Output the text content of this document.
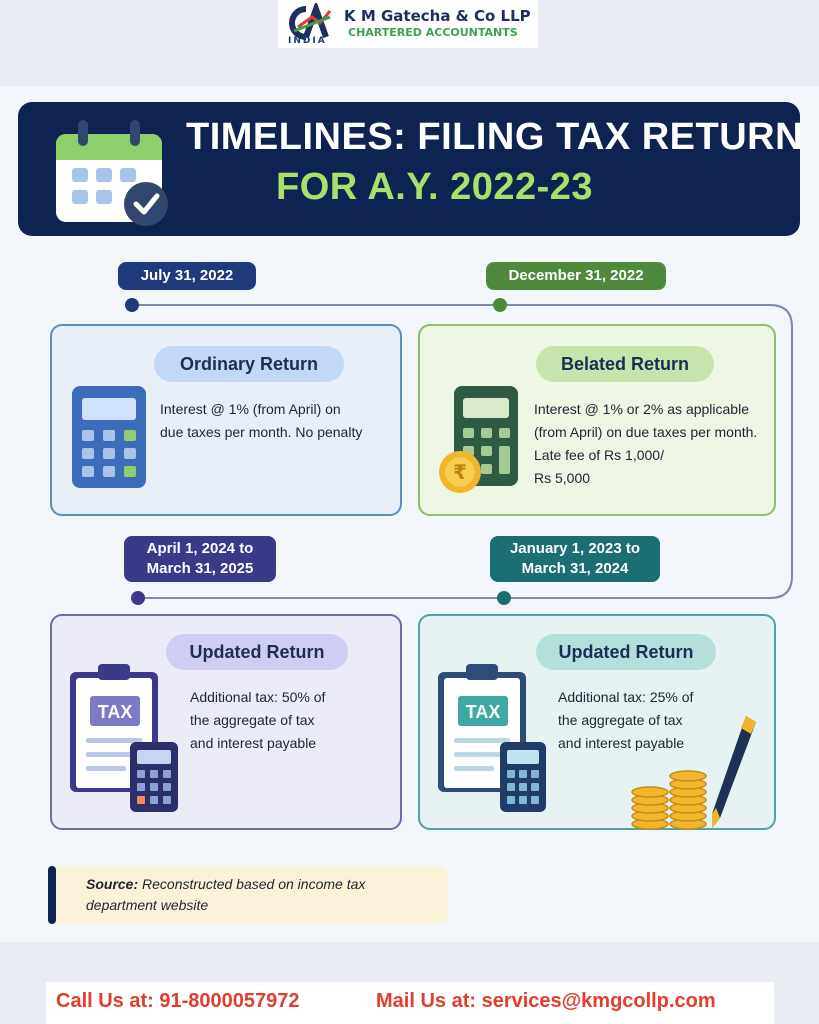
INDIA
K M Gatecha & Co LLP
CHARTERED ACCOUNTANTS
TIMELINES: FILING TAX RETURN
FOR A.Y. 2022-23
July 31, 2022	December 31, 2022
April 1, 2024 to
March 31, 2025
January 1, 2023 to
March 31, 2024
Ordinary Return
Interest @ 1% (from April) on
due taxes per month. No penalty
Belated Return
₹
Interest @ 1% or 2% as applicable
(from April) on due taxes per month.
Late fee of Rs 1,000/
Rs 5,000
Updated Return
TAX
Additional tax: 50% of
the aggregate of tax
and interest payable
Updated Return
TAX
Additional tax: 25% of
the aggregate of tax
and interest payable
Source: Reconstructed based on income tax department website
Call Us at: 91-8000057972	Mail Us at: services@kmgcollp.com
